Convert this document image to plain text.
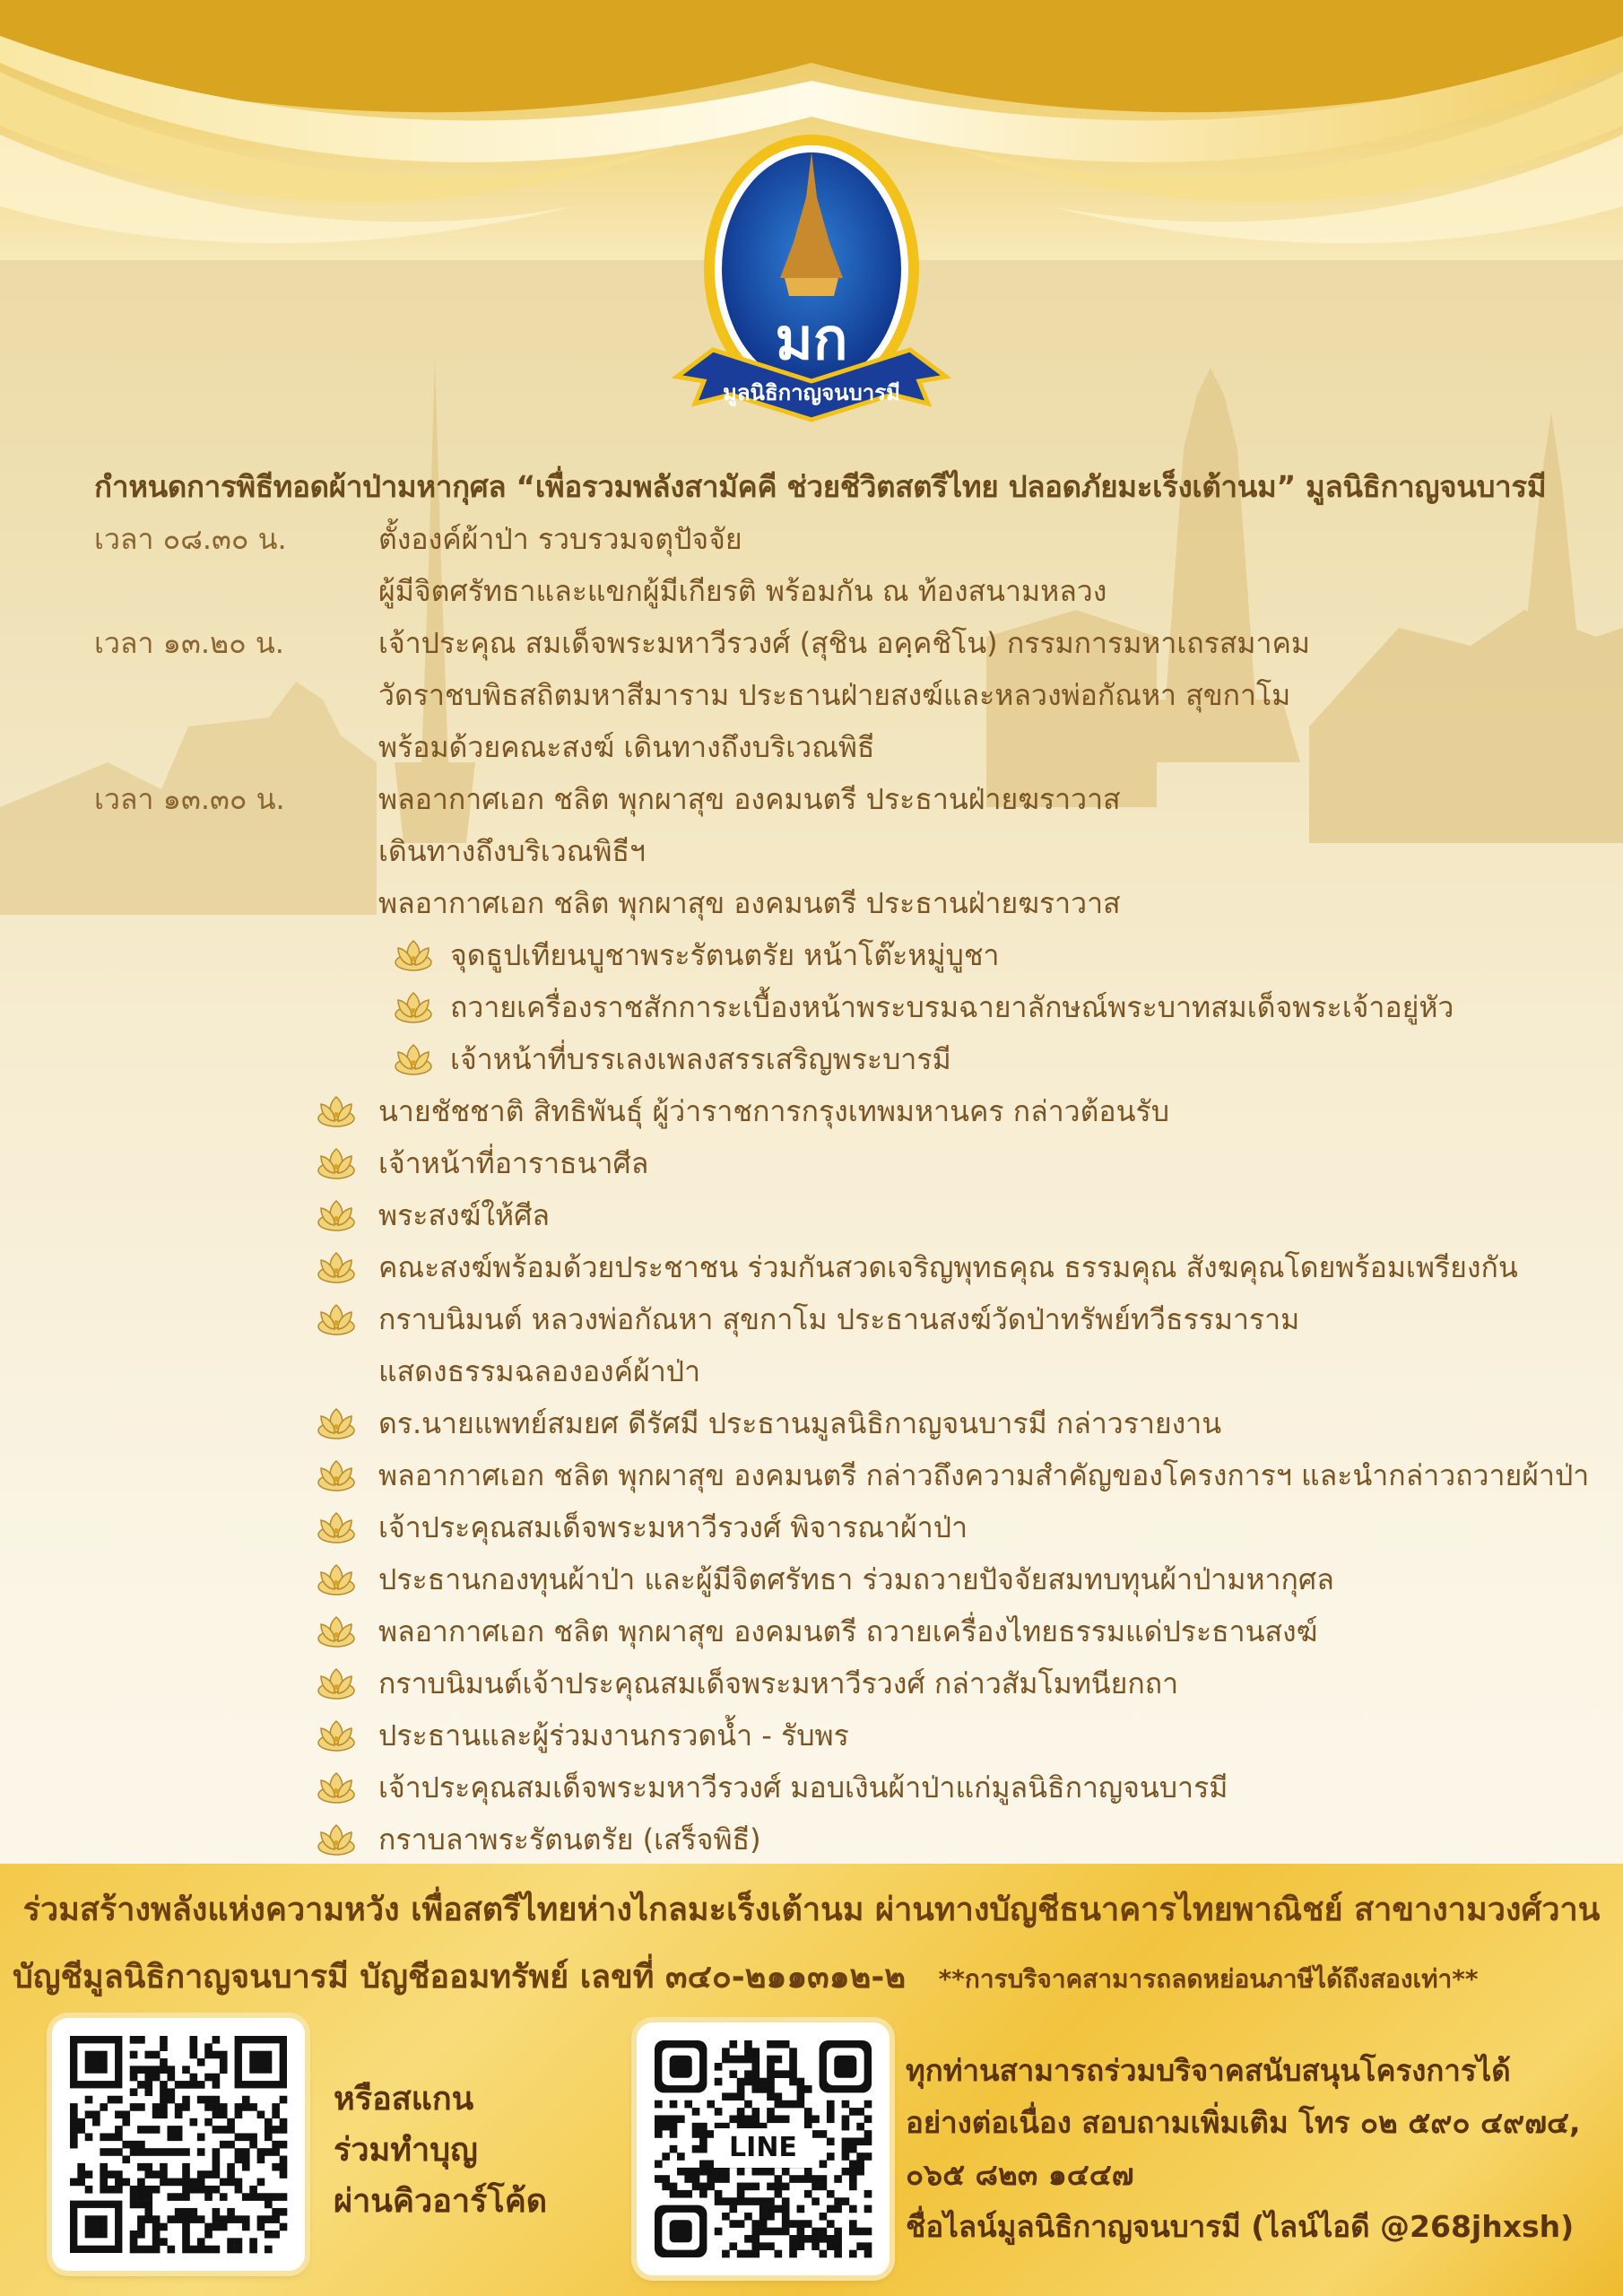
มก
มูลนิธิกาญจนบารมี
กำหนดการพิธีทอดผ้าป่ามหากุศล “เพื่อรวมพลังสามัคคี ช่วยชีวิตสตรีไทย ปลอดภัยมะเร็งเต้านม” มูลนิธิกาญจนบารมี
เวลา ๐๘.๓๐ น.	ตั้งองค์ผ้าป่า รวบรวมจตุปัจจัย
ผู้มีจิตศรัทธาและแขกผู้มีเกียรติ พร้อมกัน ณ ท้องสนามหลวง
เวลา ๑๓.๒๐ น.	เจ้าประคุณ สมเด็จพระมหาวีรวงศ์ (สุชิน อคฺคชิโน) กรรมการมหาเถรสมาคม
วัดราชบพิธสถิตมหาสีมาราม ประธานฝ่ายสงฆ์และหลวงพ่อกัณหา สุขกาโม
พร้อมด้วยคณะสงฆ์ เดินทางถึงบริเวณพิธี
เวลา ๑๓.๓๐ น.	พลอากาศเอก ชลิต พุกผาสุข องคมนตรี ประธานฝ่ายฆราวาส
เดินทางถึงบริเวณพิธีฯ
พลอากาศเอก ชลิต พุกผาสุข องคมนตรี ประธานฝ่ายฆราวาส
จุดธูปเทียนบูชาพระรัตนตรัย หน้าโต๊ะหมู่บูชา
ถวายเครื่องราชสักการะเบื้องหน้าพระบรมฉายาลักษณ์พระบาทสมเด็จพระเจ้าอยู่หัว
เจ้าหน้าที่บรรเลงเพลงสรรเสริญพระบารมี
นายชัชชาติ สิทธิพันธุ์ ผู้ว่าราชการกรุงเทพมหานคร กล่าวต้อนรับ
เจ้าหน้าที่อาราธนาศีล
พระสงฆ์ให้ศีล
คณะสงฆ์พร้อมด้วยประชาชน ร่วมกันสวดเจริญพุทธคุณ ธรรมคุณ สังฆคุณโดยพร้อมเพรียงกัน
กราบนิมนต์ หลวงพ่อกัณหา สุขกาโม ประธานสงฆ์วัดป่าทรัพย์ทวีธรรมาราม
แสดงธรรมฉลององค์ผ้าป่า
ดร.นายแพทย์สมยศ ดีรัศมี ประธานมูลนิธิกาญจนบารมี กล่าวรายงาน
พลอากาศเอก ชลิต พุกผาสุข องคมนตรี กล่าวถึงความสำคัญของโครงการฯ และนำกล่าวถวายผ้าป่า
เจ้าประคุณสมเด็จพระมหาวีรวงศ์ พิจารณาผ้าป่า
ประธานกองทุนผ้าป่า และผู้มีจิตศรัทธา ร่วมถวายปัจจัยสมทบทุนผ้าป่ามหากุศล
พลอากาศเอก ชลิต พุกผาสุข องคมนตรี ถวายเครื่องไทยธรรมแด่ประธานสงฆ์
กราบนิมนต์เจ้าประคุณสมเด็จพระมหาวีรวงศ์ กล่าวสัมโมทนียกถา
ประธานและผู้ร่วมงานกรวดน้ำ - รับพร
เจ้าประคุณสมเด็จพระมหาวีรวงศ์ มอบเงินผ้าป่าแก่มูลนิธิกาญจนบารมี
กราบลาพระรัตนตรัย (เสร็จพิธี)
ร่วมสร้างพลังแห่งความหวัง เพื่อสตรีไทยห่างไกลมะเร็งเต้านม ผ่านทางบัญชีธนาคารไทยพาณิชย์ สาขางามวงศ์วาน
บัญชีมูลนิธิกาญจนบารมี บัญชีออมทรัพย์ เลขที่ ๓๔๐-๒๑๑๓๑๒-๒ **การบริจาคสามารถลดหย่อนภาษีได้ถึงสองเท่า**
หรือสแกน
ร่วมทำบุญ
ผ่านคิวอาร์โค้ด
LINE
ทุกท่านสามารถร่วมบริจาคสนับสนุนโครงการได้
อย่างต่อเนื่อง สอบถามเพิ่มเติม โทร ๐๒ ๕๙๐ ๔๙๗๔,
๐๖๕ ๘๒๓ ๑๔๔๗
ชื่อไลน์มูลนิธิกาญจนบารมี (ไลน์ไอดี @268jhxsh)
